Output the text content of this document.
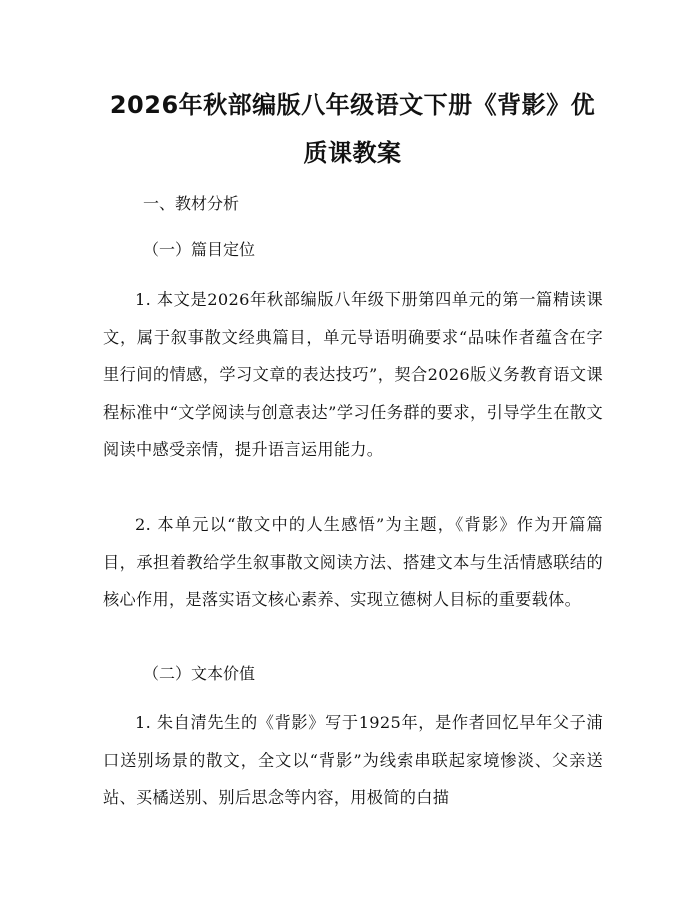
2026年秋部编版八年级语文下册《背影》优
质课教案

一、教材分析

（一）篇目定位

1. 本文是2026年秋部编版八年级下册第四单元的第一篇精读课文，属于叙事散文经典篇目，单元导语明确要求“品味作者蕴含在字里行间的情感，学习文章的表达技巧”，契合2026版义务教育语文课程标准中“文学阅读与创意表达”学习任务群的要求，引导学生在散文阅读中感受亲情，提升语言运用能力。

2. 本单元以“散文中的人生感悟”为主题，《背影》作为开篇篇目，承担着教给学生叙事散文阅读方法、搭建文本与生活情感联结的核心作用，是落实语文核心素养、实现立德树人目标的重要载体。

（二）文本价值

1. 朱自清先生的《背影》写于1925年，是作者回忆早年父子浦口送别场景的散文，全文以“背影”为线索串联起家境惨淡、父亲送站、买橘送别、别后思念等内容，用极简的白描
